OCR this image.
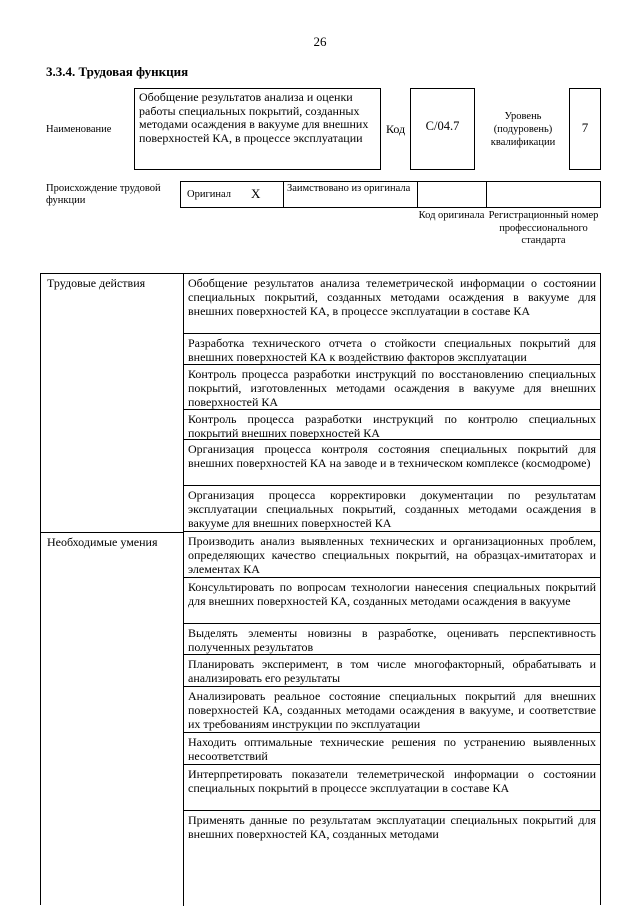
26
3.3.4. Трудовая функция
Наименование
Обобщение результатов анализа и оценки работы специальных покрытий, созданных методами осаждения в вакууме для внешних поверхностей КА, в процессе эксплуатации
Код	С/04.7
Уровень (подуровень) квалификации
7
Происхождение трудовой функции
Оригинал Х	Заимствовано из оригинала
Код оригинала Регистрационный номер профессионального стандарта
Трудовые действия	Обобщение результатов анализа телеметрической информации о состоянии специальных покрытий, созданных методами осаждения в вакууме для внешних поверхностей КА, в процессе эксплуатации в составе КА
Разработка технического отчета о стойкости специальных покрытий для внешних поверхностей КА к воздействию факторов эксплуатации
Контроль процесса разработки инструкций по восстановлению специальных покрытий, изготовленных методами осаждения в вакууме для внешних поверхностей КА
Контроль процесса разработки инструкций по контролю специальных покрытий внешних поверхностей КА
Организация процесса контроля состояния специальных покрытий для внешних поверхностей КА на заводе и в техническом комплексе (космодроме)
Организация процесса корректировки документации по результатам эксплуатации специальных покрытий, созданных методами осаждения в вакууме для внешних поверхностей КА
Необходимые умения	Производить анализ выявленных технических и организационных проблем, определяющих качество специальных покрытий, на образцах-имитаторах и элементах КА
Консультировать по вопросам технологии нанесения специальных покрытий для внешних поверхностей КА, созданных методами осаждения в вакууме
Выделять элементы новизны в разработке, оценивать перспективность полученных результатов
Планировать эксперимент, в том числе многофакторный, обрабатывать и анализировать его результаты
Анализировать реальное состояние специальных покрытий для внешних поверхностей КА, созданных методами осаждения в вакууме, и соответствие их требованиям инструкции по эксплуатации
Находить оптимальные технические решения по устранению выявленных несоответствий
Интерпретировать показатели телеметрической информации о состоянии специальных покрытий в процессе эксплуатации в составе КА
Применять данные по результатам эксплуатации специальных покрытий для внешних поверхностей КА, созданных методами
